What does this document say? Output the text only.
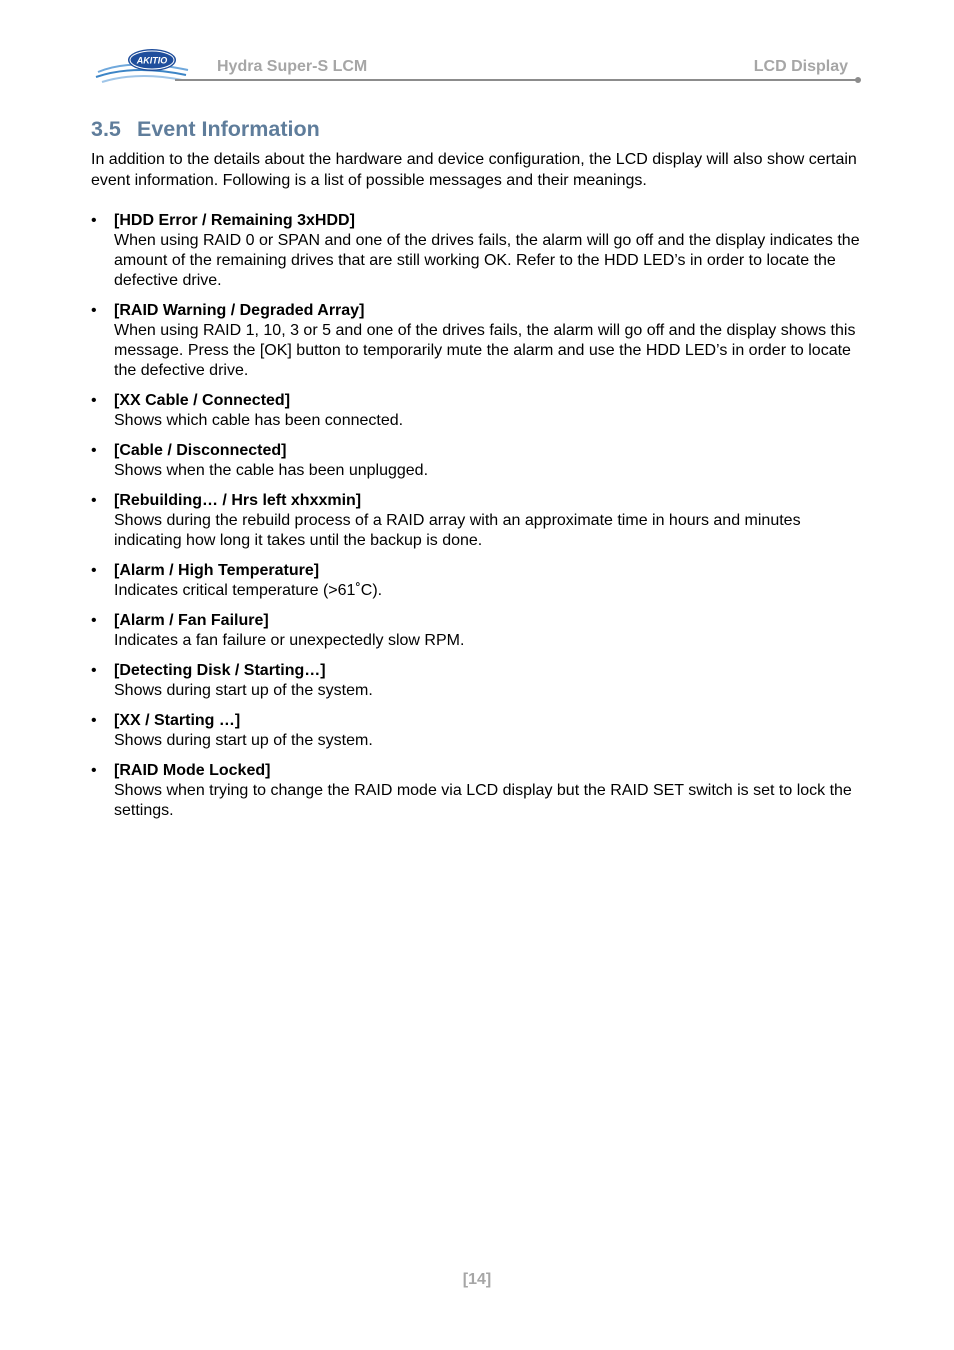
AKITIO	Hydra Super-S LCM	LCD Display
3.5 Event Information

In addition to the details about the hardware and device configuration, the LCD display will also show certain event information. Following is a list of possible messages and their meanings.

• [HDD Error / Remaining 3xHDD]
When using RAID 0 or SPAN and one of the drives fails, the alarm will go off and the display indicates the amount of the remaining drives that are still working OK. Refer to the HDD LED’s in order to locate the defective drive.
• [RAID Warning / Degraded Array]
When using RAID 1, 10, 3 or 5 and one of the drives fails, the alarm will go off and the display shows this message. Press the [OK] button to temporarily mute the alarm and use the HDD LED’s in order to locate the defective drive.
• [XX Cable / Connected]
Shows which cable has been connected.
• [Cable / Disconnected]
Shows when the cable has been unplugged.
• [Rebuilding… / Hrs left xhxxmin]
Shows during the rebuild process of a RAID array with an approximate time in hours and minutes indicating how long it takes until the backup is done.
• [Alarm / High Temperature]
Indicates critical temperature (>61˚C).
• [Alarm / Fan Failure]
Indicates a fan failure or unexpectedly slow RPM.
• [Detecting Disk / Starting…]
Shows during start up of the system.
• [XX / Starting …]
Shows during start up of the system.
• [RAID Mode Locked]
Shows when trying to change the RAID mode via LCD display but the RAID SET switch is set to lock the settings.
[14]
